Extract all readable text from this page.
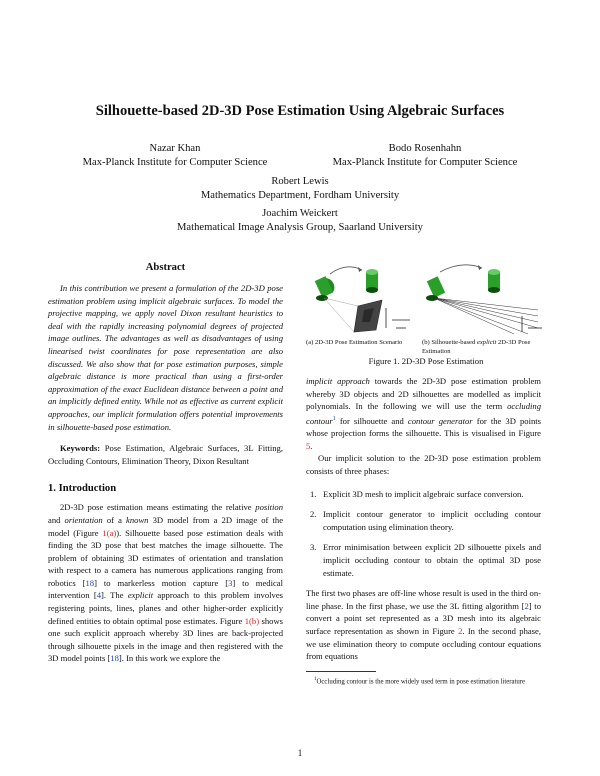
Silhouette-based 2D-3D Pose Estimation Using Algebraic Surfaces
Nazar Khan
Max-Planck Institute for Computer Science
Bodo Rosenhahn
Max-Planck Institute for Computer Science
Robert Lewis
Mathematics Department, Fordham University
Joachim Weickert
Mathematical Image Analysis Group, Saarland University
Abstract
In this contribution we present a formulation of the 2D-3D pose estimation problem using implicit algebraic surfaces. To model the projective mapping, we apply novel Dixon resultant heuristics to deal with the rapidly increasing polynomial degrees of projected image outlines. The advantages as well as disadvantages of using linearised twist coordinates for pose representation are also discussed. We also show that for pose estimation purposes, simple algebraic distance is more practical than using a first-order approximation of the exact Euclidean distance between a point and an implicitly defined entity. While not as effective as current explicit approaches, our implicit formulation offers potential improvements in silhouette-based pose estimation.
Keywords: Pose Estimation, Algebraic Surfaces, 3L Fitting, Occluding Contours, Elimination Theory, Dixon Resultant
1. Introduction
2D-3D pose estimation means estimating the relative position and orientation of a known 3D model from a 2D image of the model (Figure 1(a)). Silhouette based pose estimation deals with finding the 3D pose that best matches the image silhouette. The problem of obtaining 3D estimates of orientation and translation with respect to a camera has numerous applications ranging from robotics [18] to markerless motion capture [3] to medical intervention [4]. The explicit approach to this problem involves registering points, lines, planes and other higher-order explicitly defined entities to obtain optimal pose estimates. Figure 1(b) shows one such explicit approach whereby 3D lines are back-projected through silhouette pixels in the image and then registered with the 3D model points [18]. In this work we explore the
(a) 2D-3D Pose Estimation Scenario	(b) Silhouette-based explicit 2D-3D Pose Estimation
Figure 1. 2D-3D Pose Estimation
implicit approach towards the 2D-3D pose estimation problem whereby 3D objects and 2D silhouettes are modelled as implicit polynomials. In the following we will use the term occluding contour$^1$ for silhouette and contour generator for the 3D points whose projection forms the silhouette. This is visualised in Figure 5.
Our implicit solution to the 2D-3D pose estimation problem consists of three phases:
1. Explicit 3D mesh to implicit algebraic surface conversion.
2. Implicit contour generator to implicit occluding contour computation using elimination theory.
3. Error minimisation between explicit 2D silhouette pixels and implicit occluding contour to obtain the optimal 3D pose estimate.
The first two phases are off-line whose result is used in the third on-line phase. In the first phase, we use the 3L fitting algorithm [2] to convert a point set represented as a 3D mesh into its algebraic surface representation as shown in Figure 2. In the second phase, we use elimination theory to compute occluding contour equations from equations
$^1$Occluding contour is the more widely used term in pose estimation literature
1
